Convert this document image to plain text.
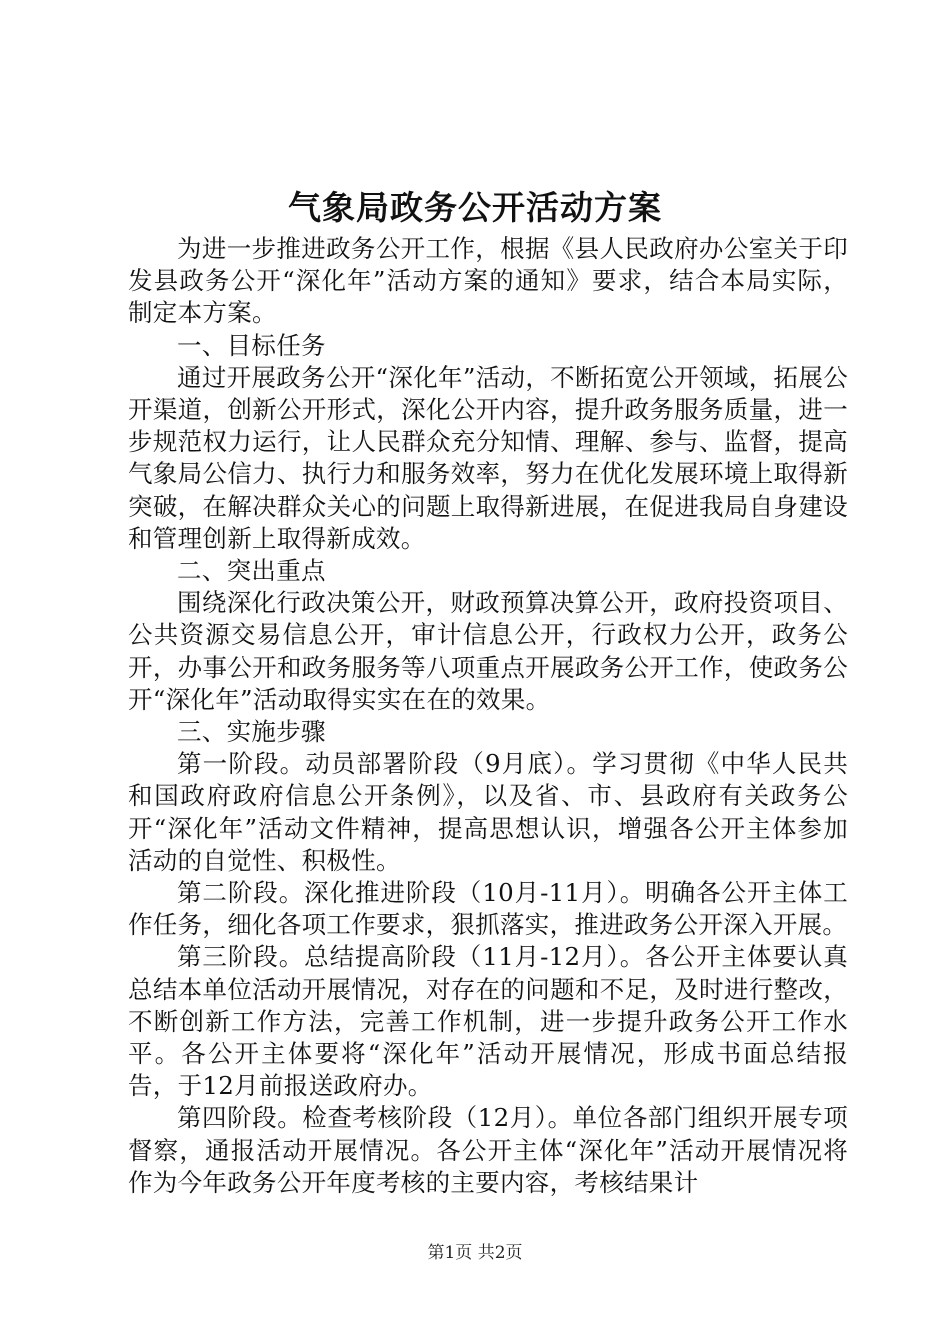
气象局政务公开活动方案

为进一步推进政务公开工作，根据《县人民政府办公室关于印发县政务公开“深化年”活动方案的通知》要求，结合本局实际，制定本方案。

一、目标任务

通过开展政务公开“深化年”活动，不断拓宽公开领域，拓展公开渠道，创新公开形式，深化公开内容，提升政务服务质量，进一步规范权力运行，让人民群众充分知情、理解、参与、监督，提高气象局公信力、执行力和服务效率，努力在优化发展环境上取得新突破，在解决群众关心的问题上取得新进展，在促进我局自身建设和管理创新上取得新成效。

二、突出重点

围绕深化行政决策公开，财政预算决算公开，政府投资项目、公共资源交易信息公开，审计信息公开，行政权力公开，政务公开，办事公开和政务服务等八项重点开展政务公开工作，使政务公开“深化年”活动取得实实在在的效果。

三、实施步骤

第一阶段。动员部署阶段（9月底）。学习贯彻《中华人民共和国政府政府信息公开条例》，以及省、市、县政府有关政务公开“深化年”活动文件精神，提高思想认识，增强各公开主体参加活动的自觉性、积极性。

第二阶段。深化推进阶段（10月-11月）。明确各公开主体工作任务，细化各项工作要求，狠抓落实，推进政务公开深入开展。

第三阶段。总结提高阶段（11月-12月）。各公开主体要认真总结本单位活动开展情况，对存在的问题和不足，及时进行整改，不断创新工作方法，完善工作机制，进一步提升政务公开工作水平。各公开主体要将“深化年”活动开展情况，形成书面总结报告，于12月前报送政府办。

第四阶段。检查考核阶段（12月）。单位各部门组织开展专项督察，通报活动开展情况。各公开主体“深化年”活动开展情况将作为今年政务公开年度考核的主要内容，考核结果计

第1页 共2页
